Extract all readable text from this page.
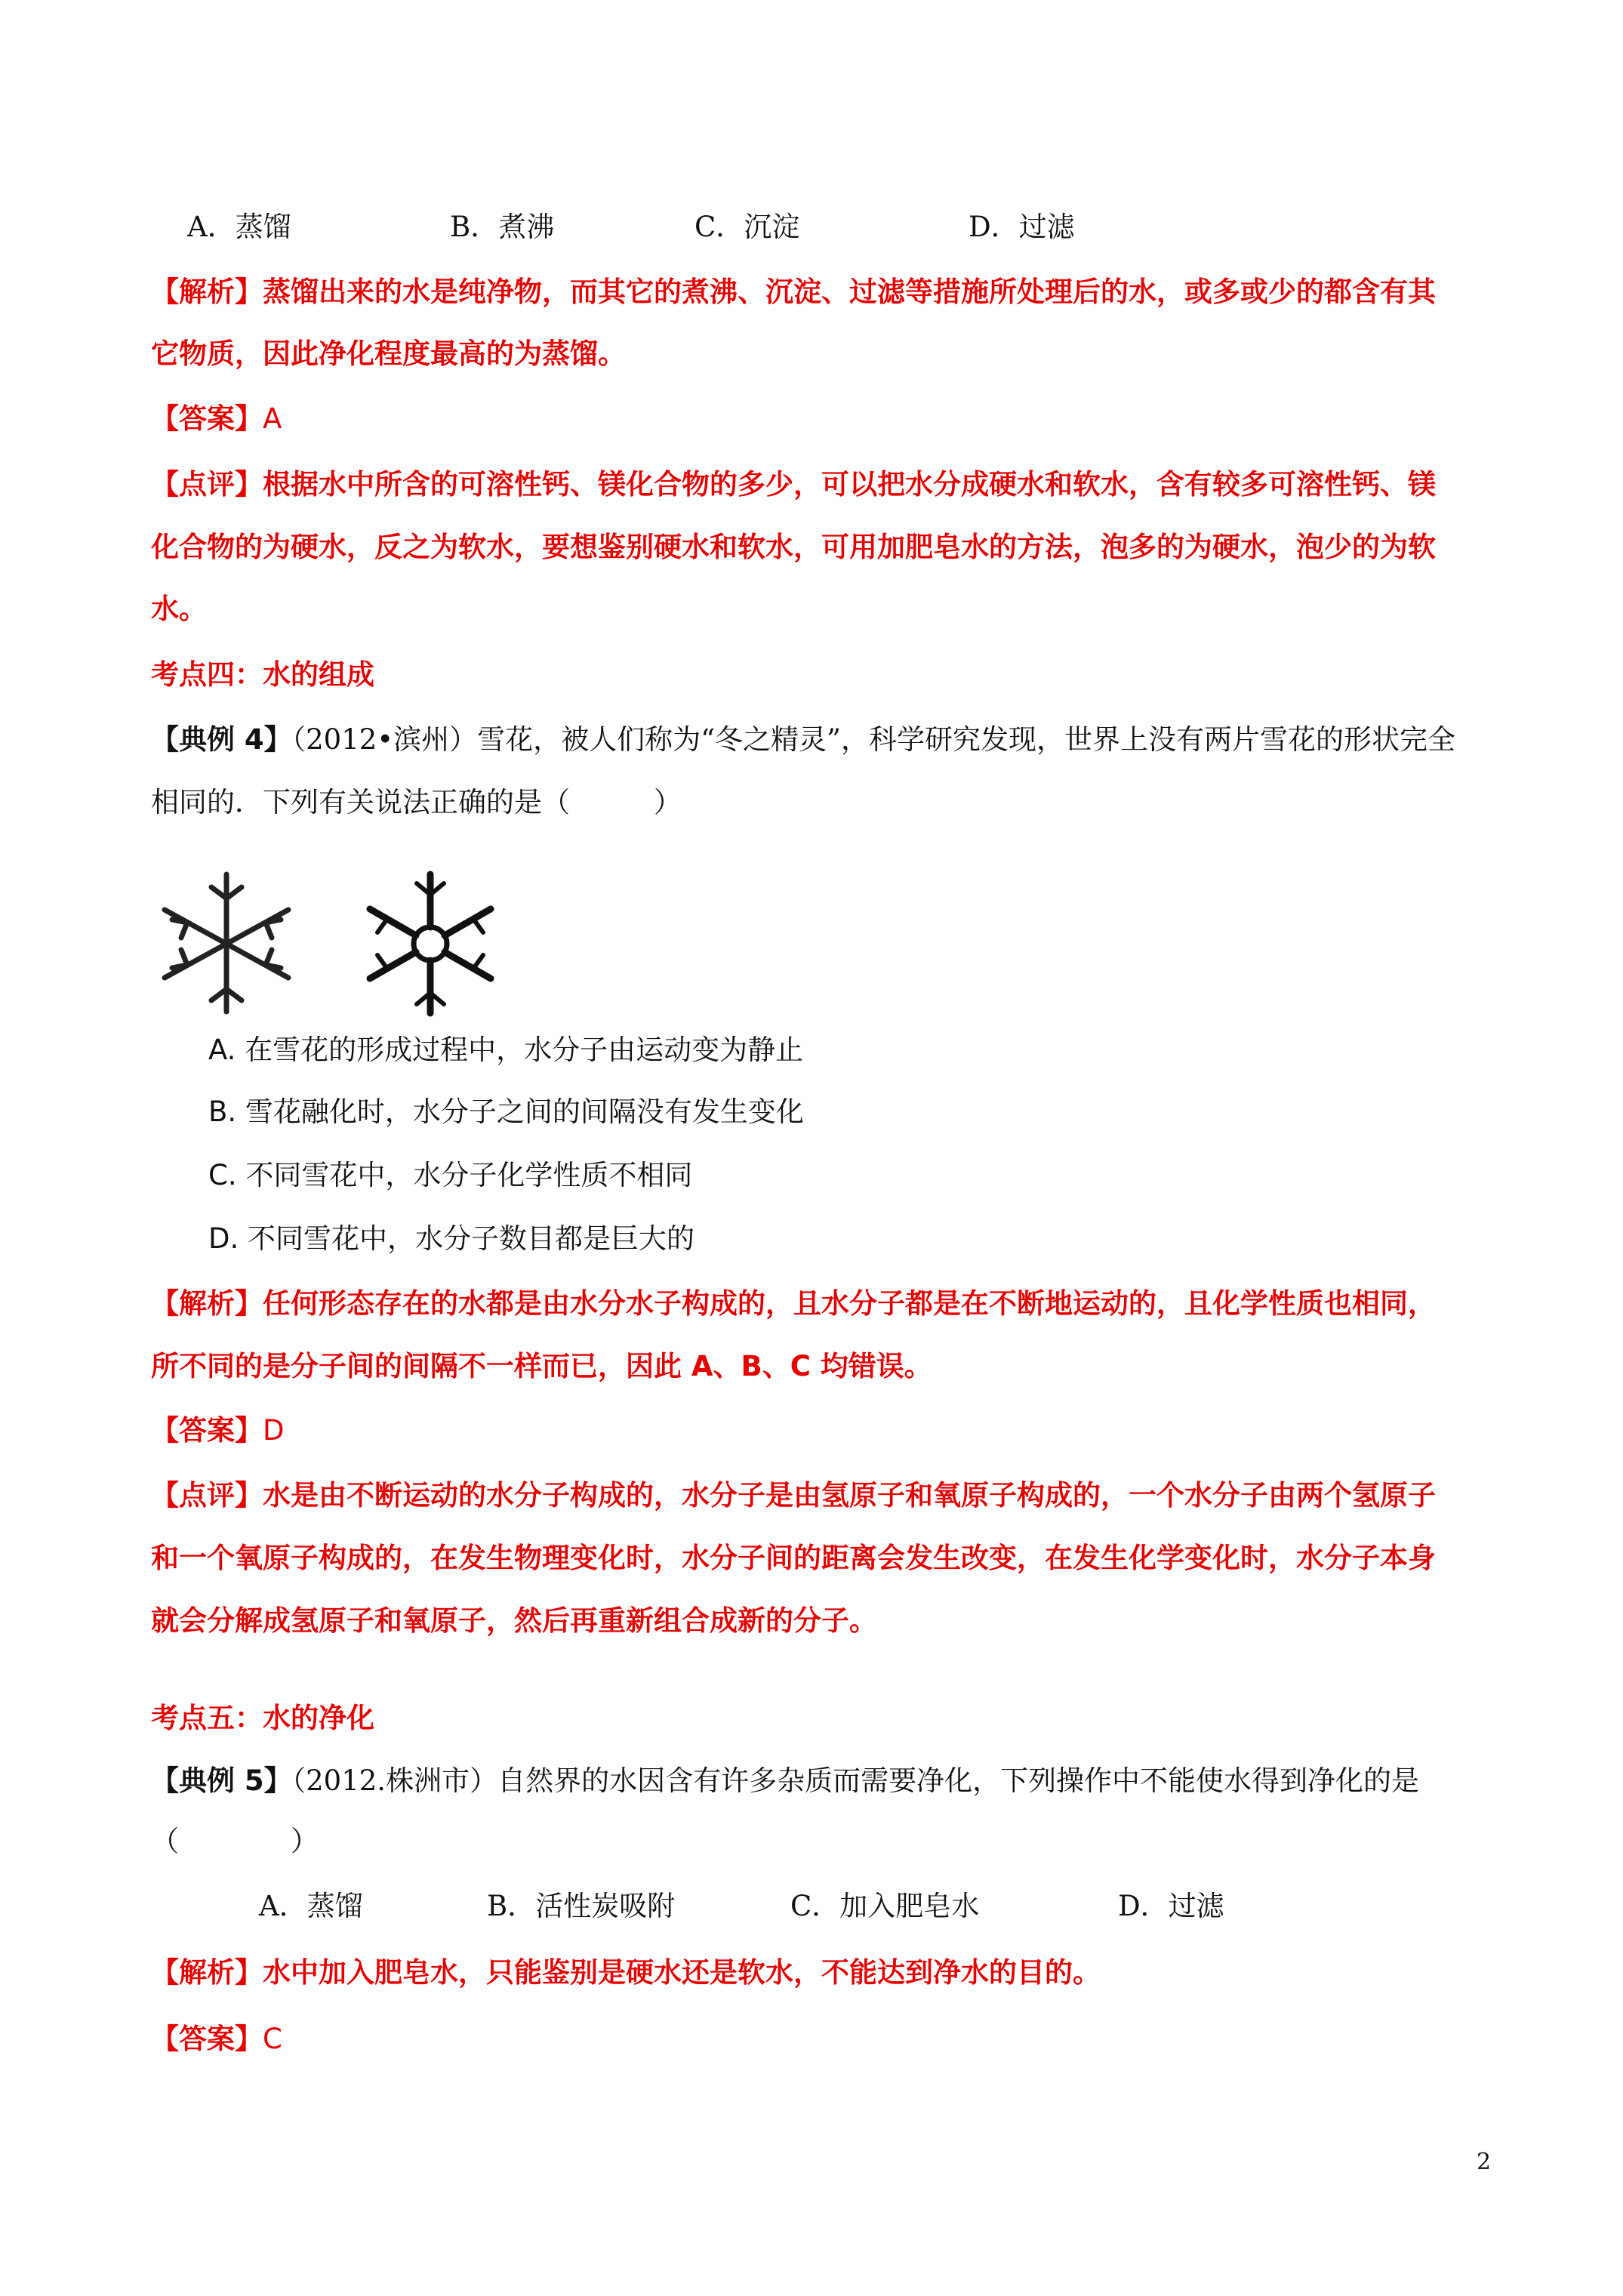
A．蒸馏	B．煮沸	C．沉淀	D．过滤
【解析】蒸馏出来的水是纯净物，而其它的煮沸、沉淀、过滤等措施所处理后的水，或多或少的都含有其
它物质，因此净化程度最高的为蒸馏。
【答案】A
【点评】根据水中所含的可溶性钙、镁化合物的多少，可以把水分成硬水和软水，含有较多可溶性钙、镁
化合物的为硬水，反之为软水，要想鉴别硬水和软水，可用加肥皂水的方法，泡多的为硬水，泡少的为软
水。
考点四：水的组成
【典例 4】（2012•滨州）雪花，被人们称为“冬之精灵”，科学研究发现，世界上没有两片雪花的形状完全
相同的．下列有关说法正确的是（　　　）
A. 在雪花的形成过程中，水分子由运动变为静止
B. 雪花融化时，水分子之间的间隔没有发生变化
C. 不同雪花中，水分子化学性质不相同
D. 不同雪花中，水分子数目都是巨大的
【解析】任何形态存在的水都是由水分水子构成的，且水分子都是在不断地运动的，且化学性质也相同，
所不同的是分子间的间隔不一样而已，因此 A、B、C 均错误。
【答案】D
【点评】水是由不断运动的水分子构成的，水分子是由氢原子和氧原子构成的，一个水分子由两个氢原子
和一个氧原子构成的，在发生物理变化时，水分子间的距离会发生改变，在发生化学变化时，水分子本身
就会分解成氢原子和氧原子，然后再重新组合成新的分子。
考点五：水的净化
【典例 5】（2012.株洲市）自然界的水因含有许多杂质而需要净化，下列操作中不能使水得到净化的是
（　　　　）
A．蒸馏	B．活性炭吸附	C．加入肥皂水	D．过滤
【解析】水中加入肥皂水，只能鉴别是硬水还是软水，不能达到净水的目的。
【答案】C
2
